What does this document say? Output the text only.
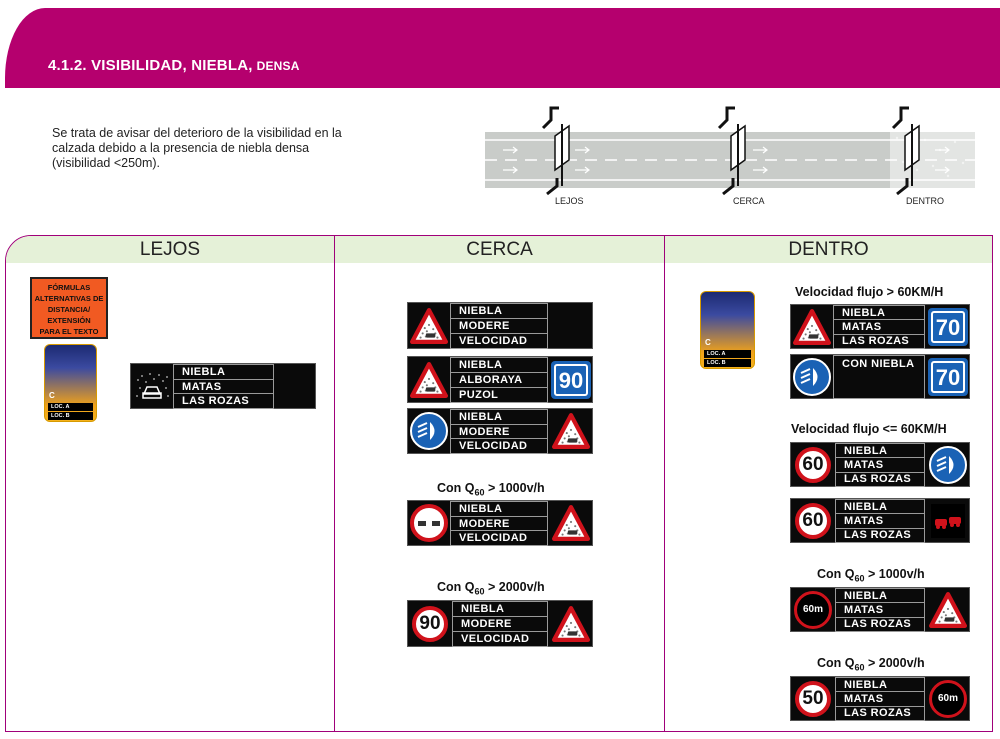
4.1.2. VISIBILIDAD, NIEBLA, DENSA
Se trata de avisar del deterioro de la visibilidad en la calzada debido a la presencia de niebla densa (visibilidad <250m).
LEJOS	CERCA	DENTRO
LEJOS
FÓRMULAS
ALTERNATIVAS DE
DISTANCIA/
EXTENSIÓN
PARA EL TEXTO
C
LOC. A
LOC. B
NIEBLA
MATAS
LAS ROZAS
CERCA
NIEBLA
MODERE
VELOCIDAD
NIEBLA
ALBORAYA
PUZOL
90
NIEBLA
MODERE
VELOCIDAD
Con $Q_{60} > 1000v/h$
NIEBLA
MODERE
VELOCIDAD
Con $Q_{60} > 2000v/h$
90
NIEBLA
MODERE
VELOCIDAD
DENTRO
C
LOC. A
LOC. B
Velocidad flujo > 60KM/H
NIEBLA
MATAS
LAS ROZAS
70
CON NIEBLA
70
Velocidad flujo <= 60KM/H
60
NIEBLA
MATAS
LAS ROZAS
60
NIEBLA
MATAS
LAS ROZAS
Con $Q_{60} > 1000v/h$
60m
NIEBLA
MATAS
LAS ROZAS
Con $Q_{60} > 2000v/h$
50
NIEBLA
MATAS
LAS ROZAS
60m
